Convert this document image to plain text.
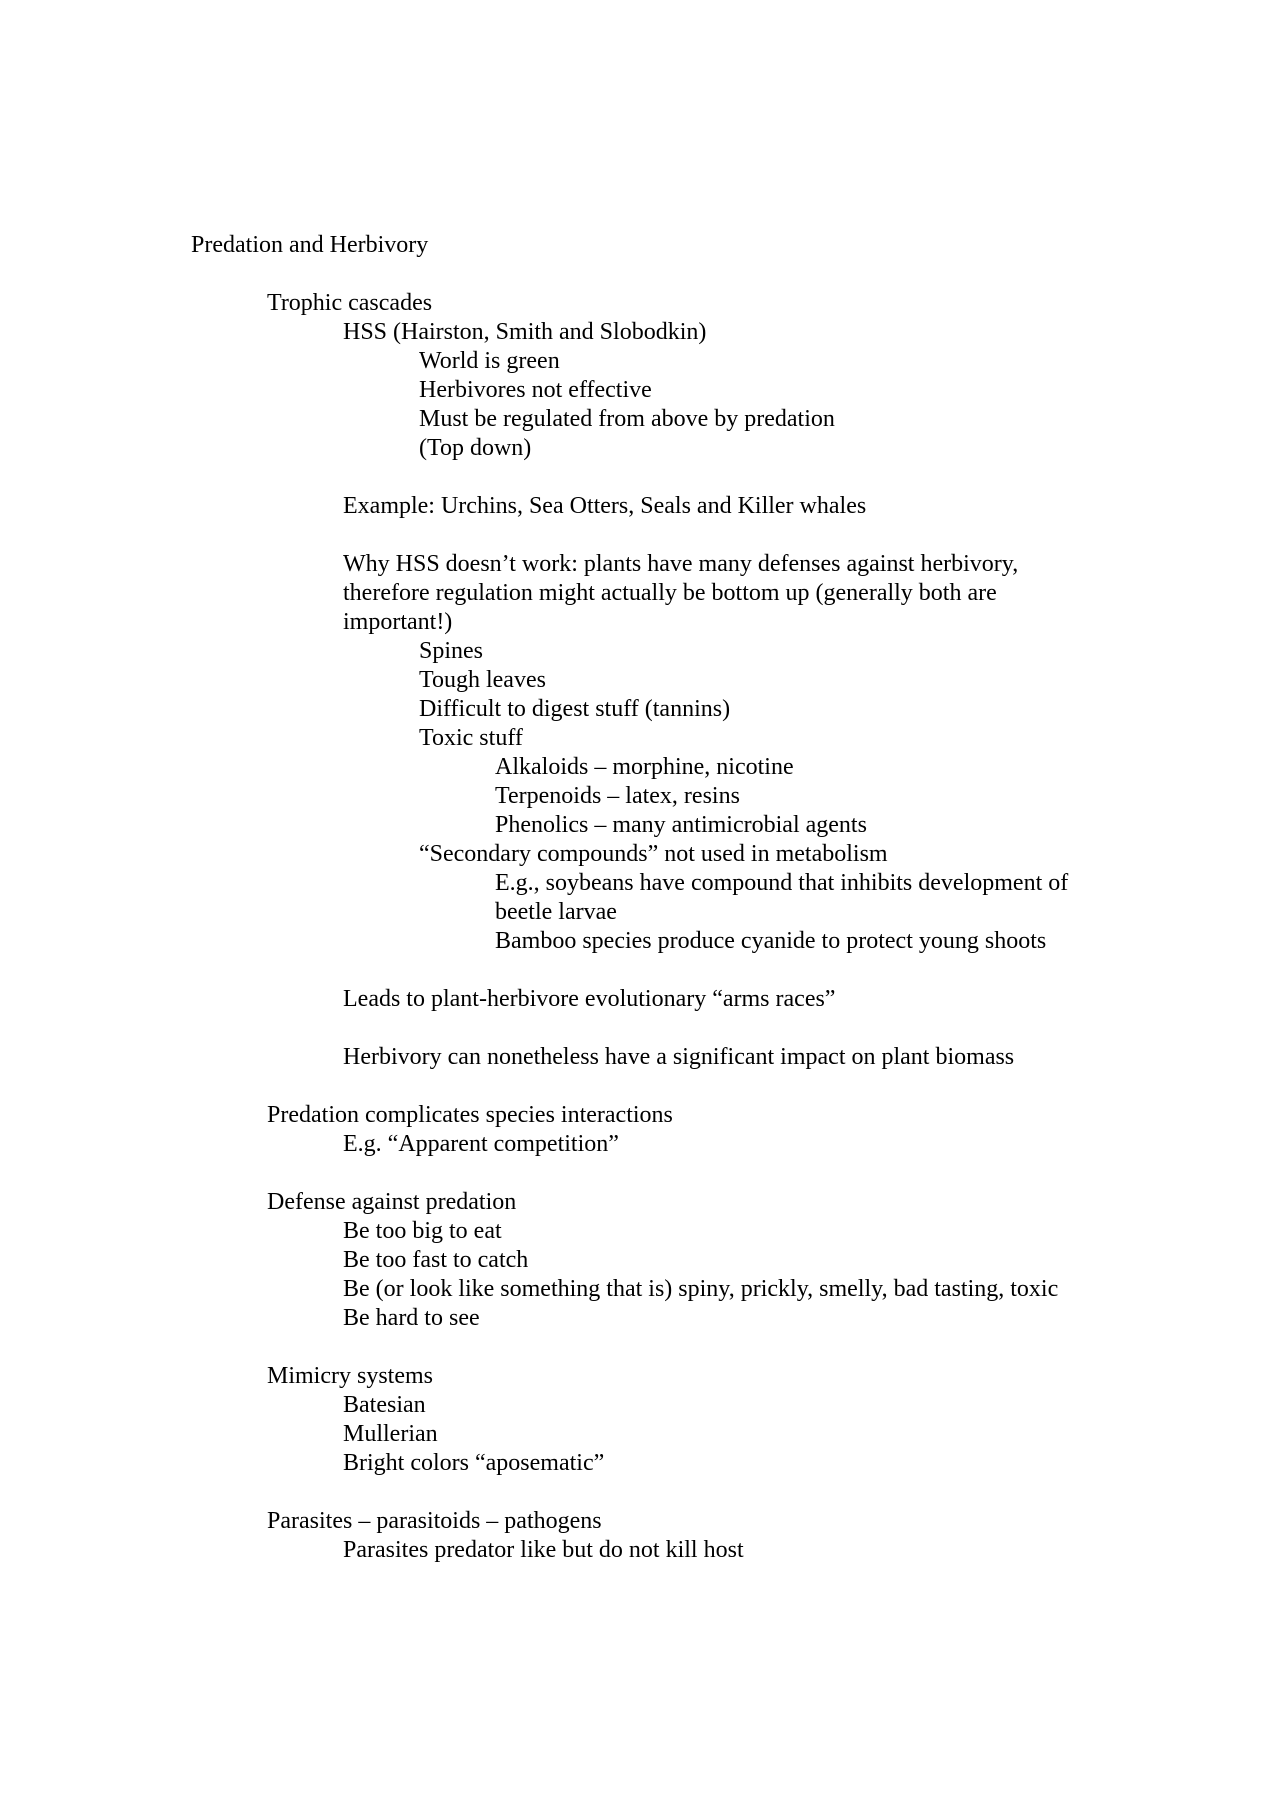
Predation and Herbivory
Trophic cascades
HSS (Hairston, Smith and Slobodkin)
World is green
Herbivores not effective
Must be regulated from above by predation
(Top down)
Example: Urchins, Sea Otters, Seals and Killer whales
Why HSS doesn’t work: plants have many defenses against herbivory,
therefore regulation might actually be bottom up (generally both are
important!)
Spines
Tough leaves
Difficult to digest stuff (tannins)
Toxic stuff
Alkaloids – morphine, nicotine
Terpenoids – latex, resins
Phenolics – many antimicrobial agents
“Secondary compounds” not used in metabolism
E.g., soybeans have compound that inhibits development of
beetle larvae
Bamboo species produce cyanide to protect young shoots
Leads to plant-herbivore evolutionary “arms races”
Herbivory can nonetheless have a significant impact on plant biomass
Predation complicates species interactions
E.g. “Apparent competition”
Defense against predation
Be too big to eat
Be too fast to catch
Be (or look like something that is) spiny, prickly, smelly, bad tasting, toxic
Be hard to see
Mimicry systems
Batesian
Mullerian
Bright colors “aposematic”
Parasites – parasitoids – pathogens
Parasites predator like but do not kill host
